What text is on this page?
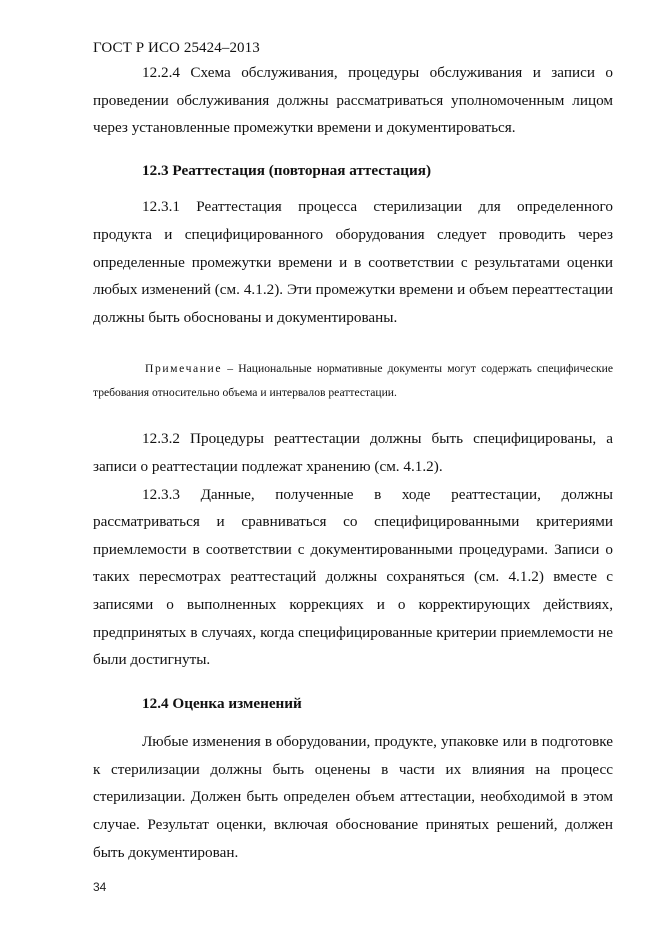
ГОСТ Р ИСО 25424–2013

12.2.4 Схема обслуживания, процедуры обслуживания и записи о проведении обслуживания должны рассматриваться уполномоченным лицом через установленные промежутки времени и документироваться.

12.3 Реаттестация (повторная аттестация)

12.3.1 Реаттестация процесса стерилизации для определенного продукта и специфицированного оборудования следует проводить через определенные промежутки времени и в соответствии с результатами оценки любых изменений (см. 4.1.2). Эти промежутки времени и объем переаттестации должны быть обоснованы и документированы.

Примечание – Национальные нормативные документы могут содержать специфические требования относительно объема и интервалов реаттестации.

12.3.2 Процедуры реаттестации должны быть специфицированы, а записи о реаттестации подлежат хранению (см. 4.1.2).

12.3.3 Данные, полученные в ходе реаттестации, должны рассматриваться и сравниваться со специфицированными критериями приемлемости в соответствии с документированными процедурами. Записи о таких пересмотрах реаттестаций должны сохраняться (см. 4.1.2) вместе с записями о выполненных коррекциях и о корректирующих действиях, предпринятых в случаях, когда специфицированные критерии приемлемости не были достигнуты.

12.4 Оценка изменений

Любые изменения в оборудовании, продукте, упаковке или в подготовке к стерилизации должны быть оценены в части их влияния на процесс стерилизации. Должен быть определен объем аттестации, необходимой в этом случае. Результат оценки, включая обоснование принятых решений, должен быть документирован.

34
